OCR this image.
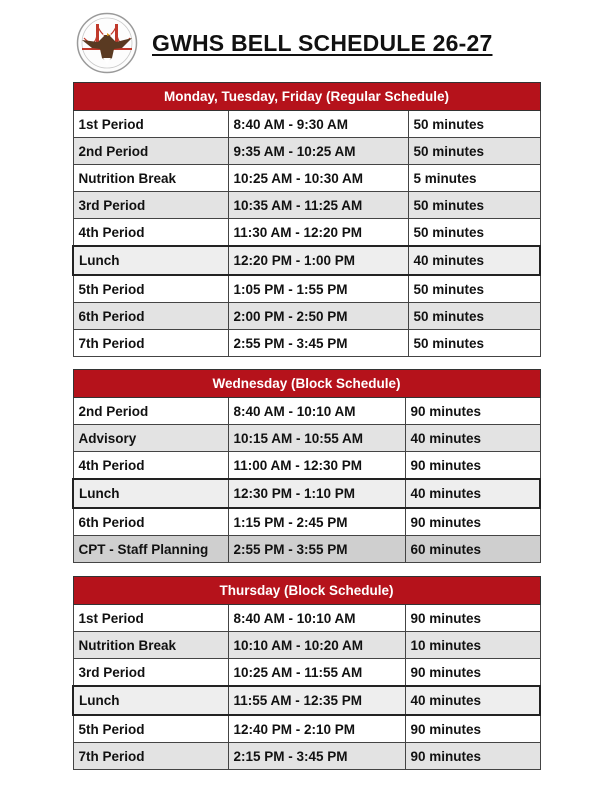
GWHS BELL SCHEDULE 26-27
Monday, Tuesday, Friday (Regular Schedule)		
1st Period	8:40 AM - 9:30 AM	50 minutes
2nd Period	9:35 AM - 10:25 AM	50 minutes
Nutrition Break	10:25 AM - 10:30 AM	5 minutes
3rd Period	10:35 AM - 11:25 AM	50 minutes
4th Period	11:30 AM - 12:20 PM	50 minutes
Lunch	12:20 PM - 1:00 PM	40 minutes
5th Period	1:05 PM - 1:55 PM	50 minutes
6th Period	2:00 PM - 2:50 PM	50 minutes
7th Period	2:55 PM - 3:45 PM	50 minutes
Wednesday (Block Schedule)		
2nd Period	8:40 AM - 10:10 AM	90 minutes
Advisory	10:15 AM - 10:55 AM	40 minutes
4th Period	11:00 AM - 12:30 PM	90 minutes
Lunch	12:30 PM - 1:10 PM	40 minutes
6th Period	1:15 PM - 2:45 PM	90 minutes
CPT - Staff Planning	2:55 PM - 3:55 PM	60 minutes
Thursday (Block Schedule)		
1st Period	8:40 AM - 10:10 AM	90 minutes
Nutrition Break	10:10 AM - 10:20 AM	10 minutes
3rd Period	10:25 AM - 11:55 AM	90 minutes
Lunch	11:55 AM - 12:35 PM	40 minutes
5th Period	12:40 PM - 2:10 PM	90 minutes
7th Period	2:15 PM - 3:45 PM	90 minutes
